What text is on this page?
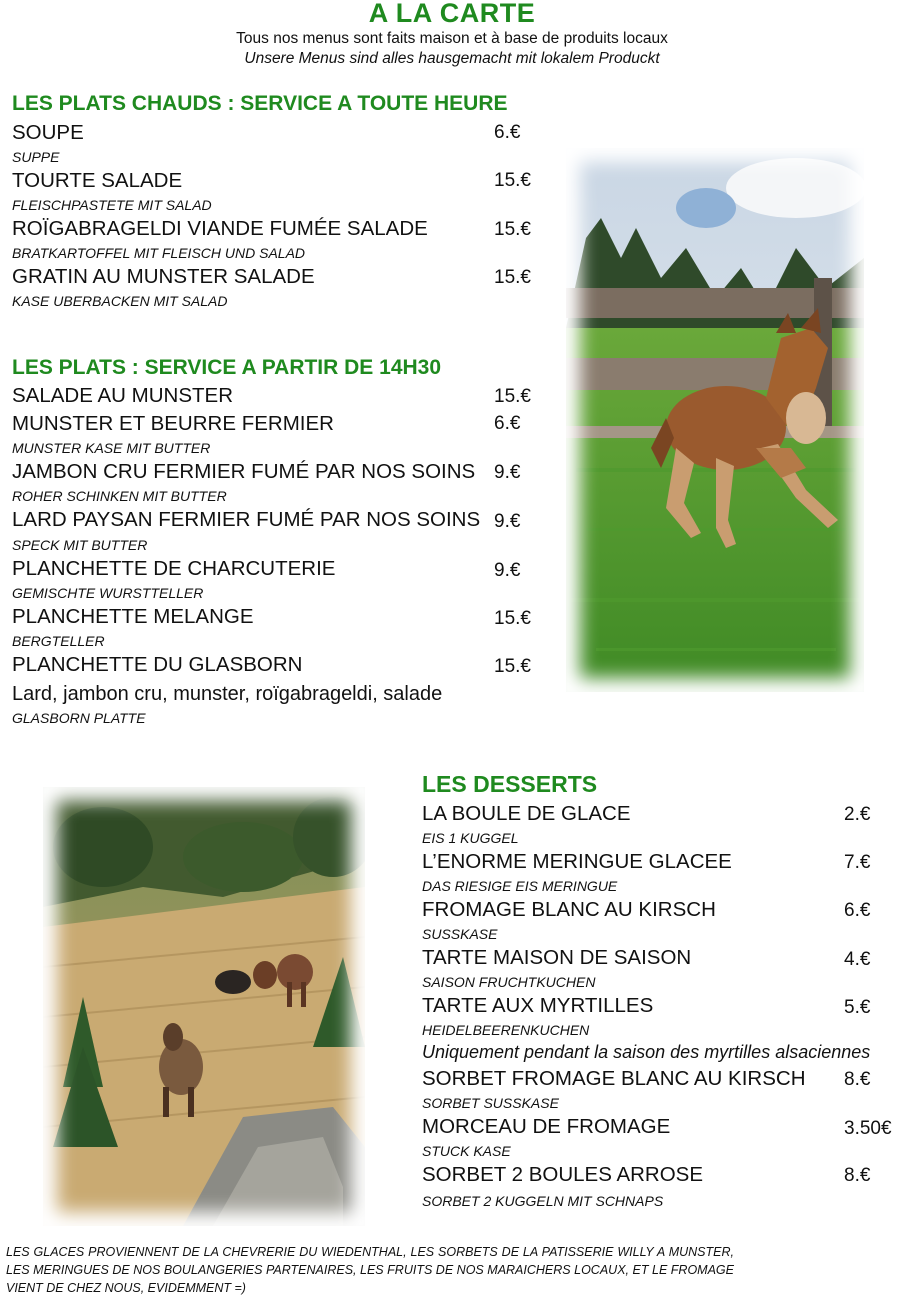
A LA CARTE
Tous nos menus sont faits maison et à base de produits locaux
Unsere Menus sind alles hausgemacht mit lokalem Produckt
LES PLATS CHAUDS : SERVICE A TOUTE HEURE
SOUPE	6.€
SUPPE
TOURTE SALADE	15.€
FLEISCHPASTETE MIT SALAD
ROÏGABRAGELDI VIANDE FUMÉE SALADE	15.€
BRATKARTOFFEL MIT FLEISCH UND SALAD
GRATIN AU MUNSTER SALADE	15.€
KASE UBERBACKEN MIT SALAD
LES PLATS : SERVICE A PARTIR DE 14H30
SALADE AU MUNSTER	15.€
MUNSTER ET BEURRE FERMIER	6.€
MUNSTER KASE MIT BUTTER
JAMBON CRU FERMIER FUMÉ PAR NOS SOINS 9.€
ROHER SCHINKEN MIT BUTTER
LARD PAYSAN FERMIER FUMÉ PAR NOS SOINS 9.€
SPECK MIT BUTTER
PLANCHETTE DE CHARCUTERIE	9.€
GEMISCHTE WURSTTELLER
PLANCHETTE MELANGE	15.€
BERGTELLER
PLANCHETTE DU GLASBORN	15.€
Lard, jambon cru, munster, roïgabrageldi, salade
GLASBORN PLATTE
LES DESSERTS
LA BOULE DE GLACE	2.€
EIS 1 KUGGEL
L’ENORME MERINGUE GLACEE	7.€
DAS RIESIGE EIS MERINGUE
FROMAGE BLANC AU KIRSCH	6.€
SUSSKASE
TARTE MAISON DE SAISON	4.€
SAISON FRUCHTKUCHEN
TARTE AUX MYRTILLES	5.€
HEIDELBEERENKUCHEN
Uniquement pendant la saison des myrtilles alsaciennes
SORBET FROMAGE BLANC AU KIRSCH 8.€
SORBET SUSSKASE
MORCEAU DE FROMAGE	3.50€
STUCK KASE
SORBET 2 BOULES ARROSE	8.€
SORBET 2 KUGGELN MIT SCHNAPS
LES GLACES PROVIENNENT DE LA CHEVRERIE DU WIEDENTHAL, LES SORBETS DE LA PATISSERIE WILLY A MUNSTER, LES MERINGUES DE NOS BOULANGERIES PARTENAIRES, LES FRUITS DE NOS MARAICHERS LOCAUX, ET LE FROMAGE VIENT DE CHEZ NOUS, EVIDEMMENT =)
